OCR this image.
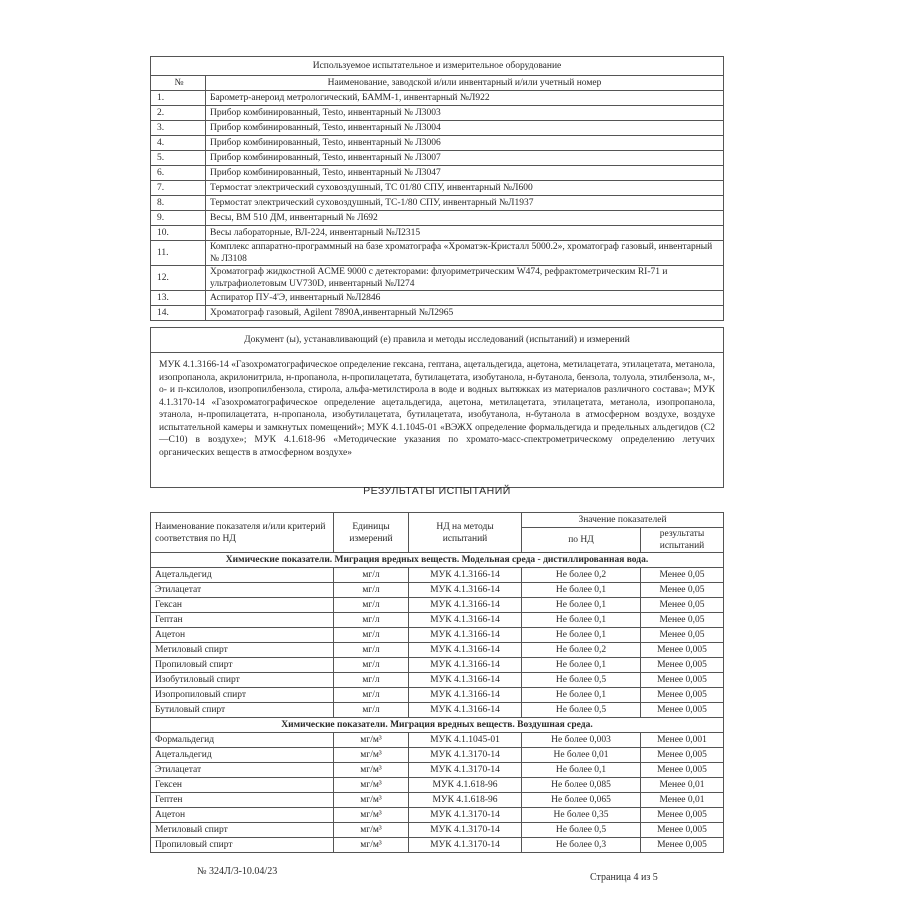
Используемое испытательное и измерительное оборудование	
№	Наименование, заводской и/или инвентарный и/или учетный номер
1.	Барометр-анероид метрологический, БАММ-1, инвентарный №Л922
2.	Прибор комбинированный, Testo, инвентарный № Л3003
3.	Прибор комбинированный, Testo, инвентарный № Л3004
4.	Прибор комбинированный, Testo, инвентарный № Л3006
5.	Прибор комбинированный, Testo, инвентарный № Л3007
6.	Прибор комбинированный, Testo, инвентарный № Л3047
7.	Термостат электрический суховоздушный, ТС 01/80 СПУ, инвентарный №Л600
8.	Термостат электрический суховоздушный, ТС-1/80 СПУ, инвентарный №Л1937
9.	Весы, ВМ 510 ДМ, инвентарный № Л692
10.	Весы лабораторные, ВЛ-224, инвентарный №Л2315
11.	Комплекс аппаратно-программный на базе хроматографа «Хроматэк-Кристалл 5000.2», хроматограф газовый, инвентарный № Л3108
12.	Хроматограф жидкостной ACME 9000 с детекторами: флуориметрическим W474, рефрактометрическим RI-71 и ультрафиолетовым UV730D, инвентарный №Л274
13.	Аспиратор ПУ-4'Э, инвентарный №Л2846
14.	Хроматограф газовый, Agilent 7890A,инвентарный №Л2965
Документ (ы), устанавливающий (е) правила и методы исследований (испытаний) и измерений
МУК 4.1.3166-14 «Газохроматографическое определение гексана, гептана, ацетальдегида, ацетона, метилацетата, этилацетата, метанола, изопропанола, акрилонитрила, н-пропанола, н-пропилацетата, бутилацетата, изобутанола, н-бутанола, бензола, толуола, этилбензола, м-, о- и п-ксилолов, изопропилбензола, стирола, альфа-метилстирола в воде и водных вытяжках из материалов различного состава»; МУК 4.1.3170-14 «Газохроматографическое определение ацетальдегида, ацетона, метилацетата, этилацетата, метанола, изопропанола, этанола, н-пропилацетата, н-пропанола, изобутилацетата, бутилацетата, изобутанола, н-бутанола в атмосферном воздухе, воздухе испытательной камеры и замкнутых помещений»; МУК 4.1.1045-01 «ВЭЖХ определение формальдегида и предельных альдегидов (С2—С10) в воздухе»; МУК 4.1.618-96 «Методические указания по хромато-масс-спектрометрическому определению летучих органических веществ в атмосферном воздухе»
РЕЗУЛЬТАТЫ ИСПЫТАНИЙ
Наименование показателя и/или критерий соответствия по НД	Единицы измерений	НД на методы испытаний	Значение показателей	
			по НД	результаты испытаний
Химические показатели. Миграция вредных веществ. Модельная среда - дистиллированная вода.				
Ацетальдегид	мг/л	МУК 4.1.3166-14	Не более 0,2	Менее 0,05
Этилацетат	мг/л	МУК 4.1.3166-14	Не более 0,1	Менее 0,05
Гексан	мг/л	МУК 4.1.3166-14	Не более 0,1	Менее 0,05
Гептан	мг/л	МУК 4.1.3166-14	Не более 0,1	Менее 0,05
Ацетон	мг/л	МУК 4.1.3166-14	Не более 0,1	Менее 0,05
Метиловый спирт	мг/л	МУК 4.1.3166-14	Не более 0,2	Менее 0,005
Пропиловый спирт	мг/л	МУК 4.1.3166-14	Не более 0,1	Менее 0,005
Изобутиловый спирт	мг/л	МУК 4.1.3166-14	Не более 0,5	Менее 0,005
Изопропиловый спирт	мг/л	МУК 4.1.3166-14	Не более 0,1	Менее 0,005
Бутиловый спирт	мг/л	МУК 4.1.3166-14	Не более 0,5	Менее 0,005
Химические показатели. Миграция вредных веществ. Воздушная среда.				
Формальдегид	мг/м³	МУК 4.1.1045-01	Не более 0,003	Менее 0,001
Ацетальдегид	мг/м³	МУК 4.1.3170-14	Не более 0,01	Менее 0,005
Этилацетат	мг/м³	МУК 4.1.3170-14	Не более 0,1	Менее 0,005
Гексен	мг/м³	МУК 4.1.618-96	Не более 0,085	Менее 0,01
Гептен	мг/м³	МУК 4.1.618-96	Не более 0,065	Менее 0,01
Ацетон	мг/м³	МУК 4.1.3170-14	Не более 0,35	Менее 0,005
Метиловый спирт	мг/м³	МУК 4.1.3170-14	Не более 0,5	Менее 0,005
Пропиловый спирт	мг/м³	МУК 4.1.3170-14	Не более 0,3	Менее 0,005
№ 324Л/3-10.04/23
Страница 4 из 5
